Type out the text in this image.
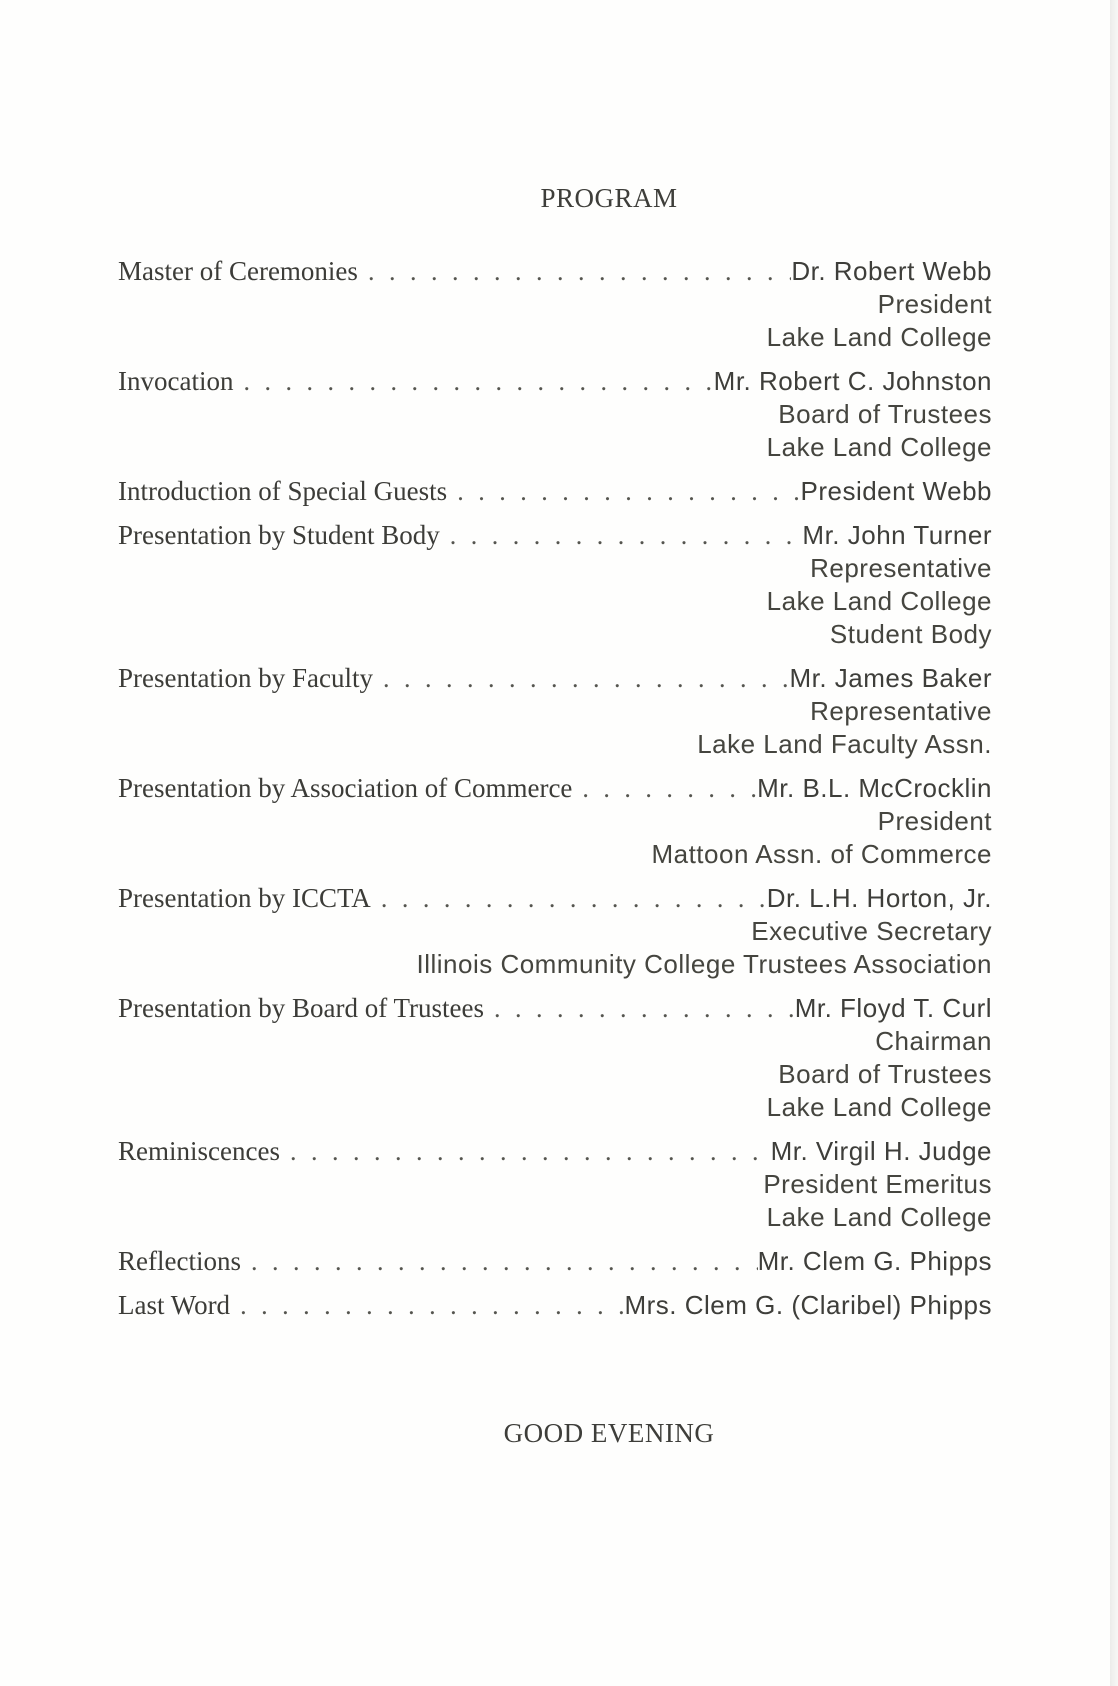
PROGRAM
Master of Ceremonies . . .	Dr. Robert Webb
President
Lake Land College
Invocation . . .	Mr. Robert C. Johnston
Board of Trustees
Lake Land College
Introduction of Special Guests . . .	President Webb
Presentation by Student Body . . .	Mr. John Turner
Representative
Lake Land College
Student Body
Presentation by Faculty . . .	Mr. James Baker
Representative
Lake Land Faculty Assn.
Presentation by Association of Commerce . . .	Mr. B.L. McCrocklin
President
Mattoon Assn. of Commerce
Presentation by ICCTA . . .	Dr. L.H. Horton, Jr.
Executive Secretary
Illinois Community College Trustees Association
Presentation by Board of Trustees . . .	Mr. Floyd T. Curl
Chairman
Board of Trustees
Lake Land College
Reminiscences . . .	Mr. Virgil H. Judge
President Emeritus
Lake Land College
Reflections . . .	Mr. Clem G. Phipps
Last Word . . .	Mrs. Clem G. (Claribel) Phipps
GOOD EVENING
